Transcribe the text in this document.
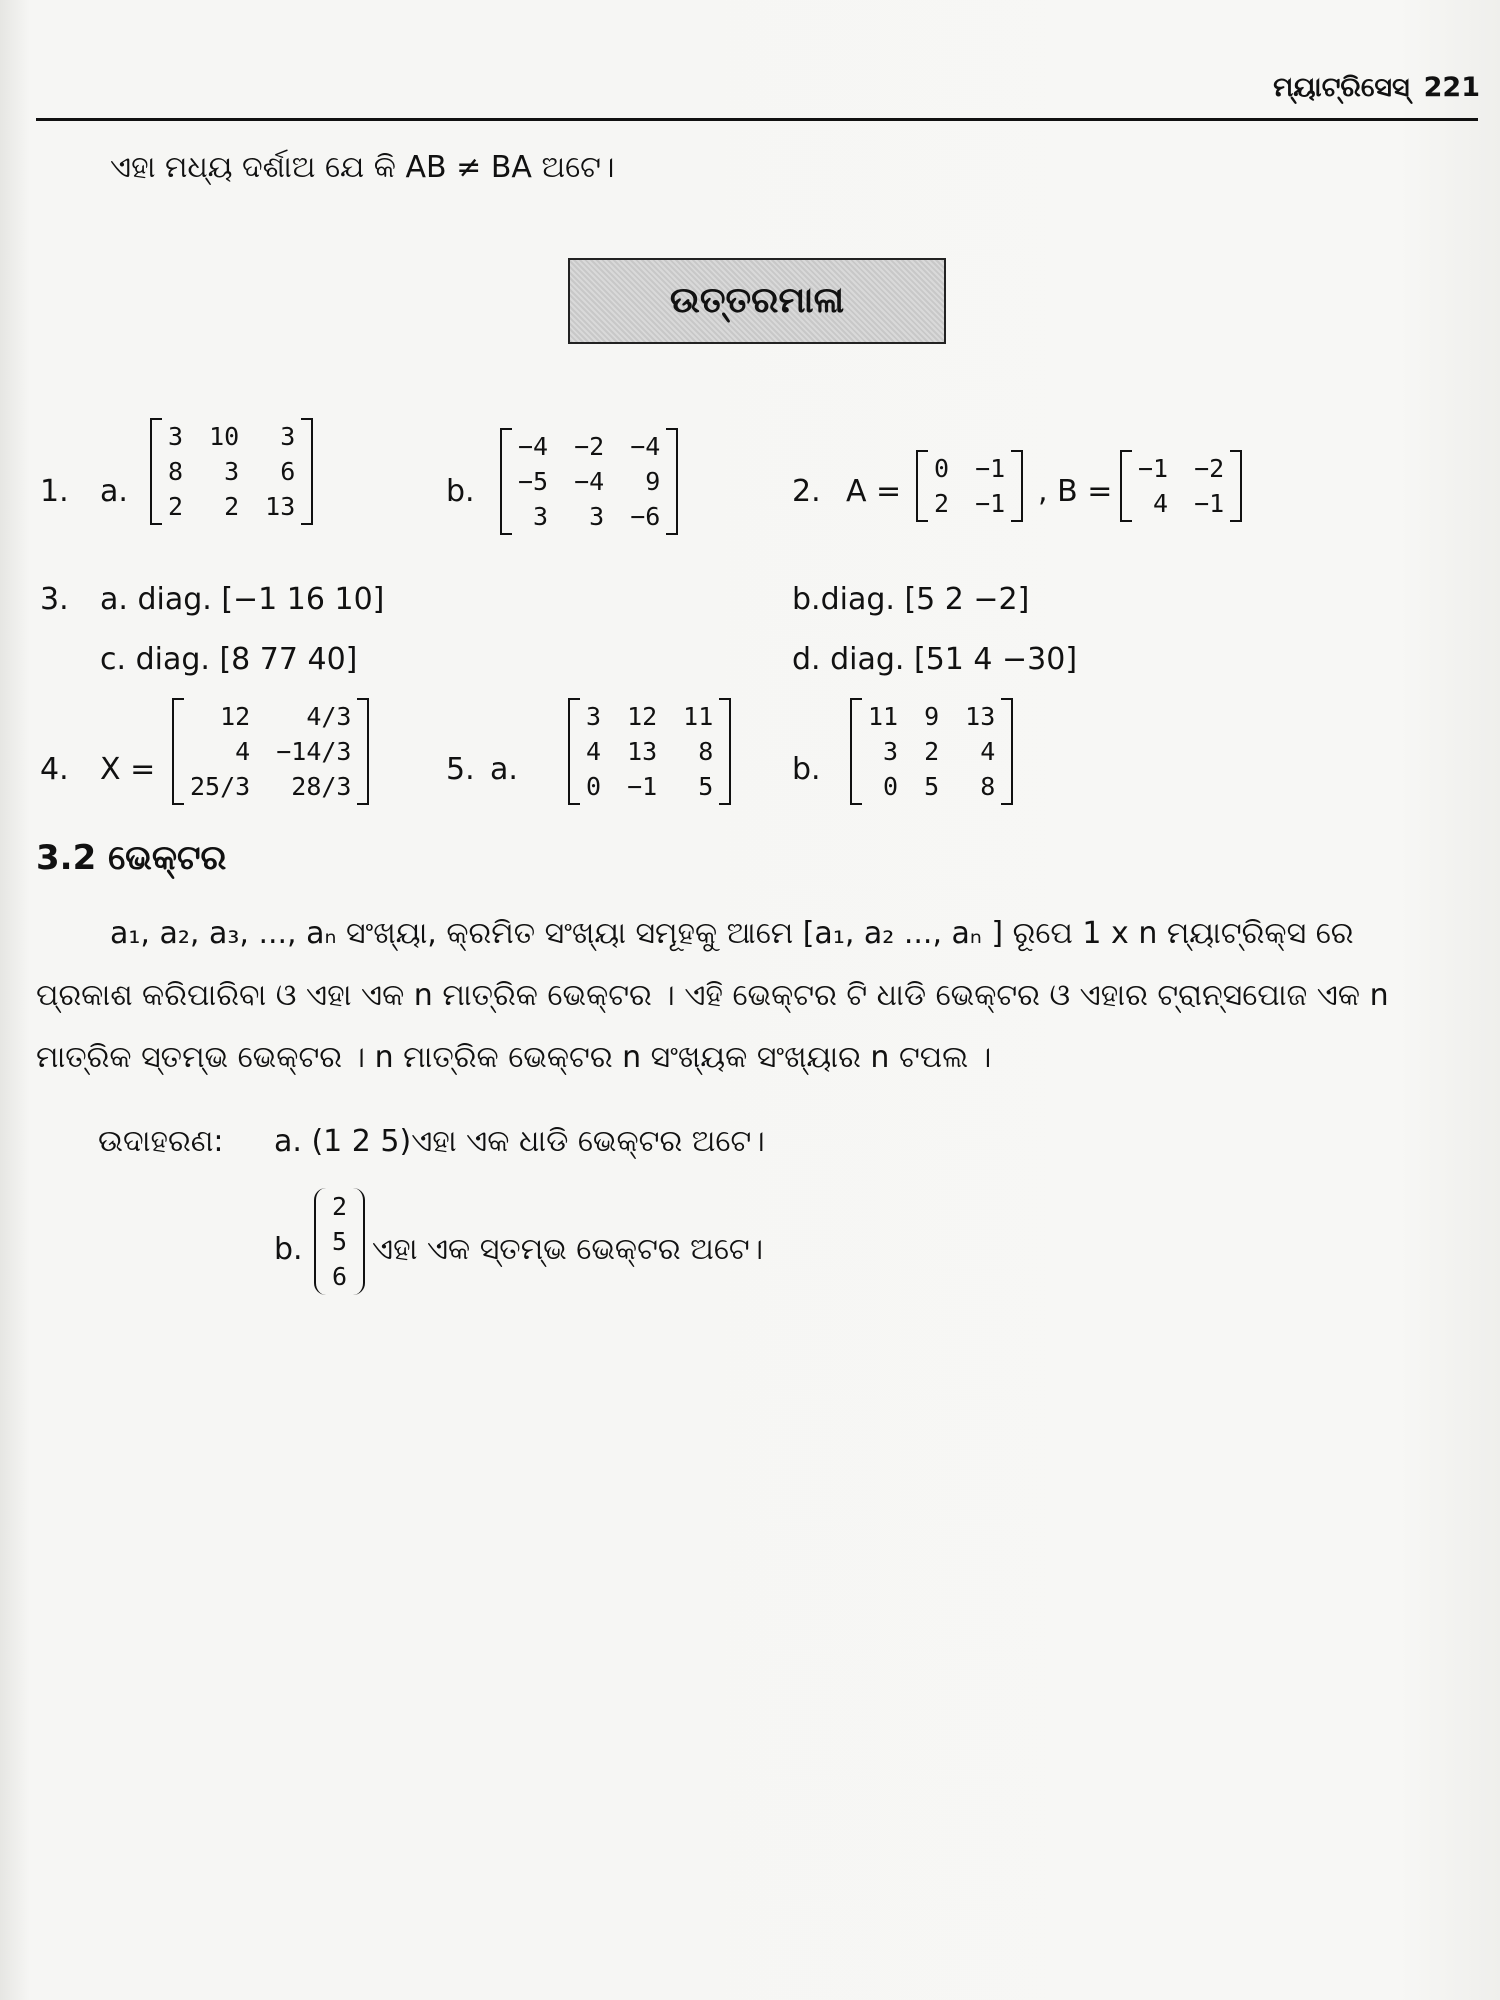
ମ୍ୟାଟ୍ରିସେସ୍ 221
ଏହା ମଧ୍ୟ ଦର୍ଶାଅ ଯେ କି AB ≠ BA ଅଟେ।
ଉତ୍ତରମାଳା
1. a.
3 10	3
8	3	6
2	2 13	b.
−4 −2 −4
−5 −4	9
3	3 −6
2. A =
0 −1
2 −1 , B =
−1 −2
4 −1
3. a. diag. [−1 16 10]	b.diag. [5 2 −2]
c. diag. [8 77 40]	d. diag. [51 4 −30]
4. X =
12	4/3
4 −14/3
25/3	28/3	5. a.
3 12 11
4 13	8
0 −1	5	b.
11 9 13
3 2	4
0 5	8
3.2 ଭେକ୍ଟର
a₁, a₂, a₃, ..., aₙ ସଂଖ୍ୟା, କ୍ରମିତ ସଂଖ୍ୟା ସମୂହକୁ ଆମେ [a₁, a₂ ..., aₙ ] ରୂପେ 1 x n ମ୍ୟାଟ୍ରିକ୍ସ ରେ
ପ୍ରକାଶ କରିପାରିବା ଓ ଏହା ଏକ n ମାତ୍ରିକ ଭେକ୍ଟର । ଏହି ଭେକ୍ଟର ଟି ଧାଡି ଭେକ୍ଟର ଓ ଏହାର ଟ୍ରାନ୍ସପୋଜ ଏକ n
ମାତ୍ରିକ ସ୍ତମ୍ଭ ଭେକ୍ଟର । n ମାତ୍ରିକ ଭେକ୍ଟର n ସଂଖ୍ୟକ ସଂଖ୍ୟାର n ଟପଲ ।
ଉଦାହରଣ: a. (1 2 5)ଏହା ଏକ ଧାଡି ଭେକ୍ଟର ଅଟେ।
b.
2
5
6
ଏହା ଏକ ସ୍ତମ୍ଭ ଭେକ୍ଟର ଅଟେ।
